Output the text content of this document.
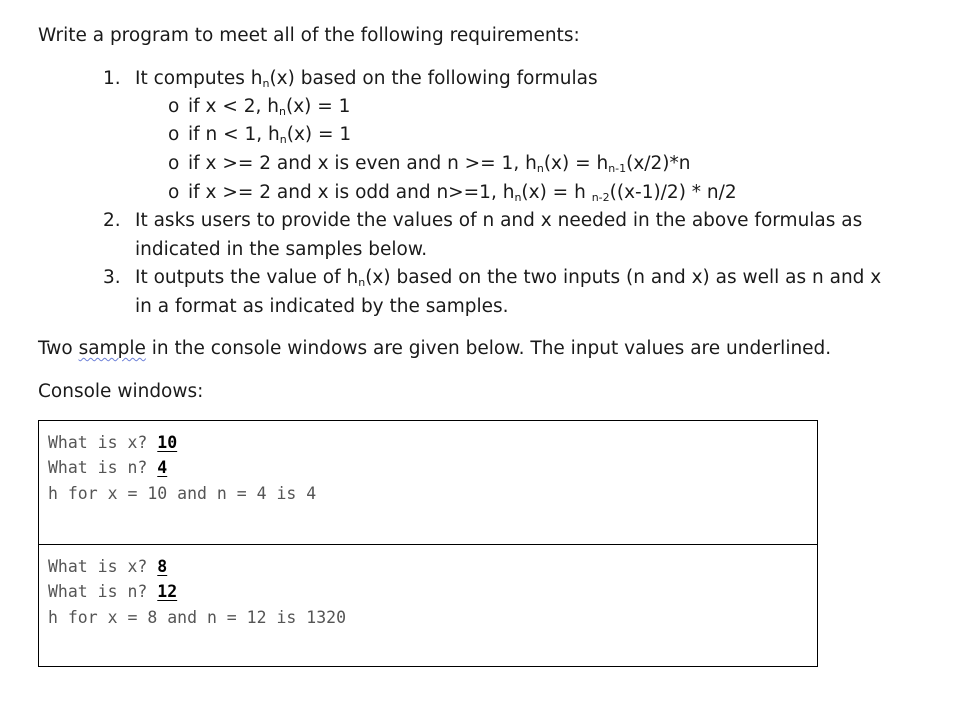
Write a program to meet all of the following requirements:
1. It computes $h_n(x)$ based on the following formulas
o if x < 2, $h_n(x) = 1$
o if n < 1, $h_n(x) = 1$
o if x >= 2 and x is even and n >= 1, $h_n(x) = h_{n-1}(x/2)*n$
o if x >= 2 and x is odd and n>=1, $h_n(x) = h$ $_{n-2}$((x-1)/2) * n/2
2. It asks users to provide the values of n and x needed in the above formulas as
indicated in the samples below.
3. It outputs the value of $h_n(x)$ based on the two inputs (n and x) as well as n and x
in a format as indicated by the samples.
Two sample in the console windows are given below. The input values are underlined.
Console windows:
What is x? 10
What is n? 4
h for x = 10 and n = 4 is 4
What is x? 8
What is n? 12
h for x = 8 and n = 12 is 1320
